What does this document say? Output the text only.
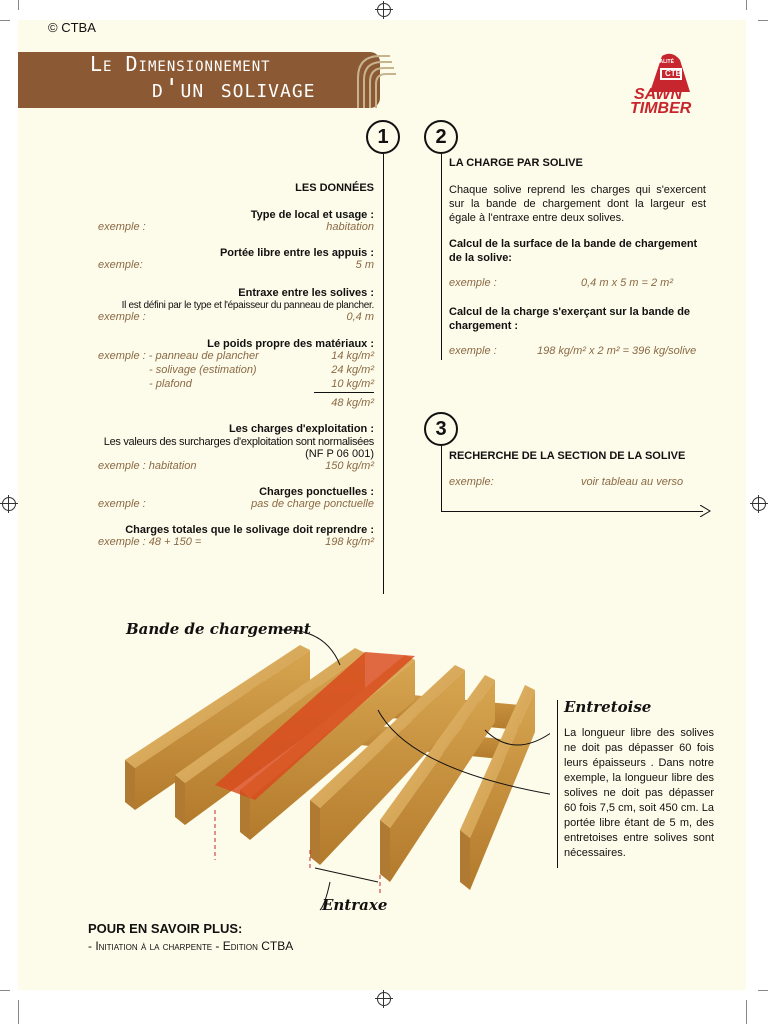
© CTBA
Le Dimensionnement
d'un solivage
QUALITÉ
CTB
SAWN
TIMBER
1	2
3
LES DONNÉES
Type de local et usage :
exemple :	habitation
Portée libre entre les appuis :
exemple:	5 m
Entraxe entre les solives :
Il est défini par le type et l'épaisseur du panneau de plancher.
exemple :	0,4 m
Le poids propre des matériaux :
exemple : - panneau de plancher	14 kg/m²
- solivage (estimation)	24 kg/m²
- plafond	10 kg/m²
48 kg/m²
Les charges d'exploitation :
Les valeurs des surcharges d'exploitation sont normalisées
(NF P 06 001)
exemple : habitation	150 kg/m²
Charges ponctuelles :
exemple :	pas de charge ponctuelle
Charges totales que le solivage doit reprendre :
exemple : 48 + 150 =	198 kg/m²
LA CHARGE PAR SOLIVE
Chaque solive reprend les charges qui s'exercent sur la bande de chargement dont la largeur est égale à l'entraxe entre deux solives.
Calcul de la surface de la bande de chargement de la solive:
exemple :	0,4 m x 5 m = 2 m²
Calcul de la charge s'exerçant sur la bande de chargement :
exemple :	198 kg/m² x 2 m² = 396 kg/solive
RECHERCHE DE LA SECTION DE LA SOLIVE
exemple:	voir tableau au verso
Bande de chargement
Entretoise
La longueur libre des solives ne doit pas dépasser 60 fois leurs épaisseurs . Dans notre exemple, la longueur libre des solives ne doit pas dépasser 60 fois 7,5 cm, soit 450 cm. La portée libre étant de 5 m, des entretoises entre solives sont nécessaires.
Entraxe
POUR EN SAVOIR PLUS:
- Initiation à la charpente - Edition CTBA
